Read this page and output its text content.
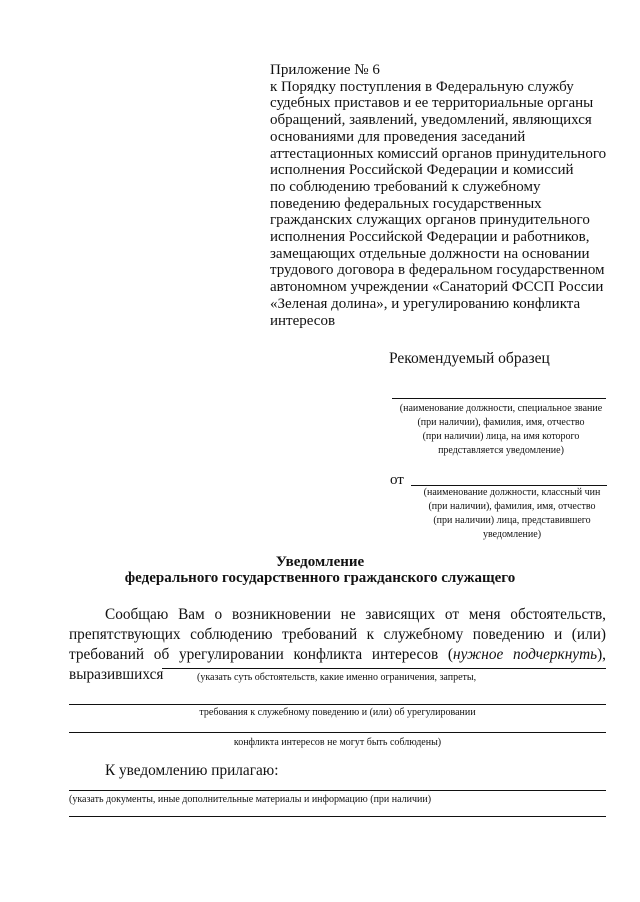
Приложение № 6
к Порядку поступления в Федеральную службу
судебных приставов и ее территориальные органы
обращений, заявлений, уведомлений, являющихся
основаниями для проведения заседаний
аттестационных комиссий органов принудительного
исполнения Российской Федерации и комиссий
по соблюдению требований к служебному
поведению федеральных государственных
гражданских служащих органов принудительного
исполнения Российской Федерации и работников,
замещающих отдельные должности на основании
трудового договора в федеральном государственном
автономном учреждении «Санаторий ФССП России
«Зеленая долина», и урегулированию конфликта
интересов
Рекомендуемый образец
(наименование должности, специальное звание
(при наличии), фамилия, имя, отчество
(при наличии) лица, на имя которого
представляется уведомление)
от
(наименование должности, классный чин
(при наличии), фамилия, имя, отчество
(при наличии) лица, представившего
уведомление)
Уведомление
федерального государственного гражданского служащего
Сообщаю Вам о возникновении не зависящих от меня обстоятельств,
препятствующих соблюдению требований к служебному поведению и (или)
требований об урегулировании конфликта интересов (нужное подчеркнуть),
выразившихся	(указать суть обстоятельств, какие именно ограничения, запреты,
требования к служебному поведению и (или) об урегулировании
конфликта интересов не могут быть соблюдены)
К уведомлению прилагаю:
(указать документы, иные дополнительные материалы и информацию (при наличии)
